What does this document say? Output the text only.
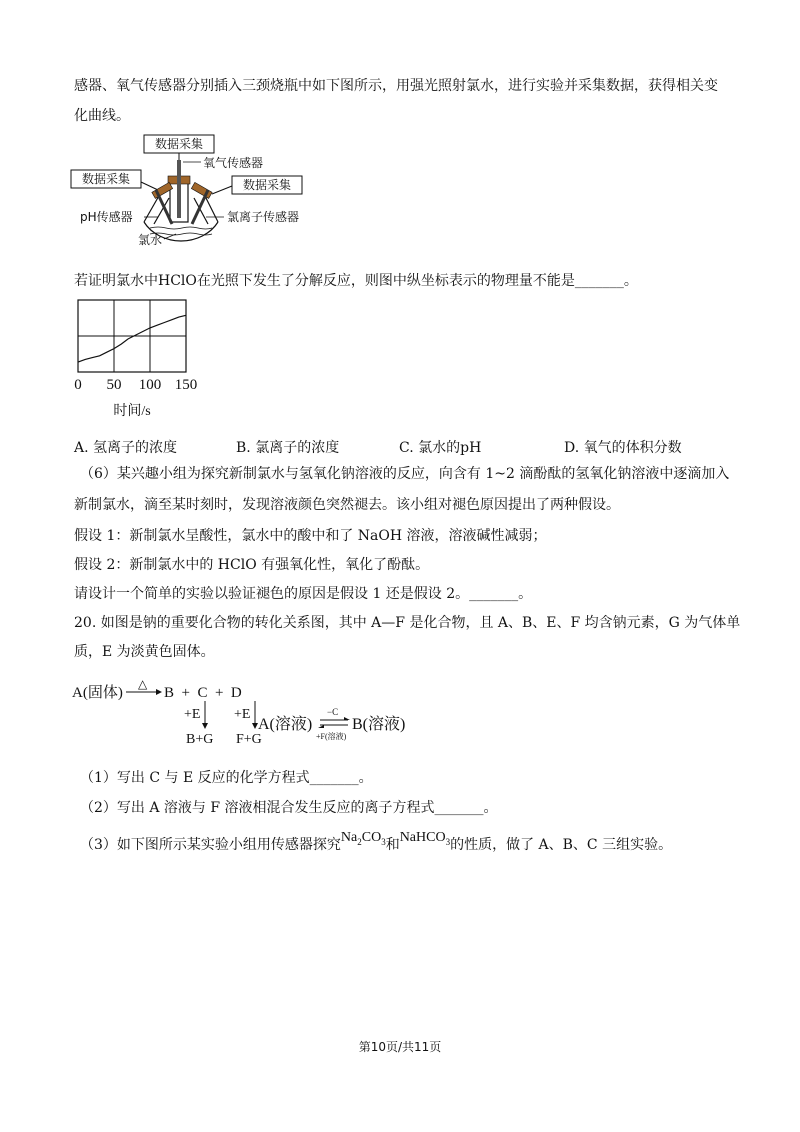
感器、氧气传感器分别插入三颈烧瓶中如下图所示，用强光照射氯水，进行实验并采集数据，获得相关变
化曲线。
数据采集
数据采集	数据采集
氧气传感器
pH传感器	氯离子传感器
氯水
若证明氯水中HClO在光照下发生了分解反应，则图中纵坐标表示的物理量不能是_______。
0 50 100 150
时间/s
A. 氢离子的浓度	B. 氯离子的浓度	C. 氯水的pH	D. 氧气的体积分数
（6）某兴趣小组为探究新制氯水与氢氧化钠溶液的反应，向含有 1~2 滴酚酞的氢氧化钠溶液中逐滴加入
新制氯水，滴至某时刻时，发现溶液颜色突然褪去。该小组对褪色原因提出了两种假设。
假设 1：新制氯水呈酸性，氯水中的酸中和了 NaOH 溶液，溶液碱性减弱；
假设 2：新制氯水中的 HClO 有强氧化性，氧化了酚酞。
请设计一个简单的实验以验证褪色的原因是假设 1 还是假设 2。_______。
20. 如图是钠的重要化合物的转化关系图，其中 A—F 是化合物，且 A、B、E、F 均含钠元素，G 为气体单
质，E 为淡黄色固体。
A(固体)
△
B  +  C  +  D
+E +E
B+G F+G
A(溶液)
−C
+F(溶液)
B(溶液)
（1）写出 C 与 E 反应的化学方程式_______。
（2）写出 A 溶液与 F 溶液相混合发生反应的离子方程式_______。
（3）如下图所示某实验小组用传感器探究$Na_2CO_3$和NaHCO$_3$的性质，做了 A、B、C 三组实验。
第10页/共11页
